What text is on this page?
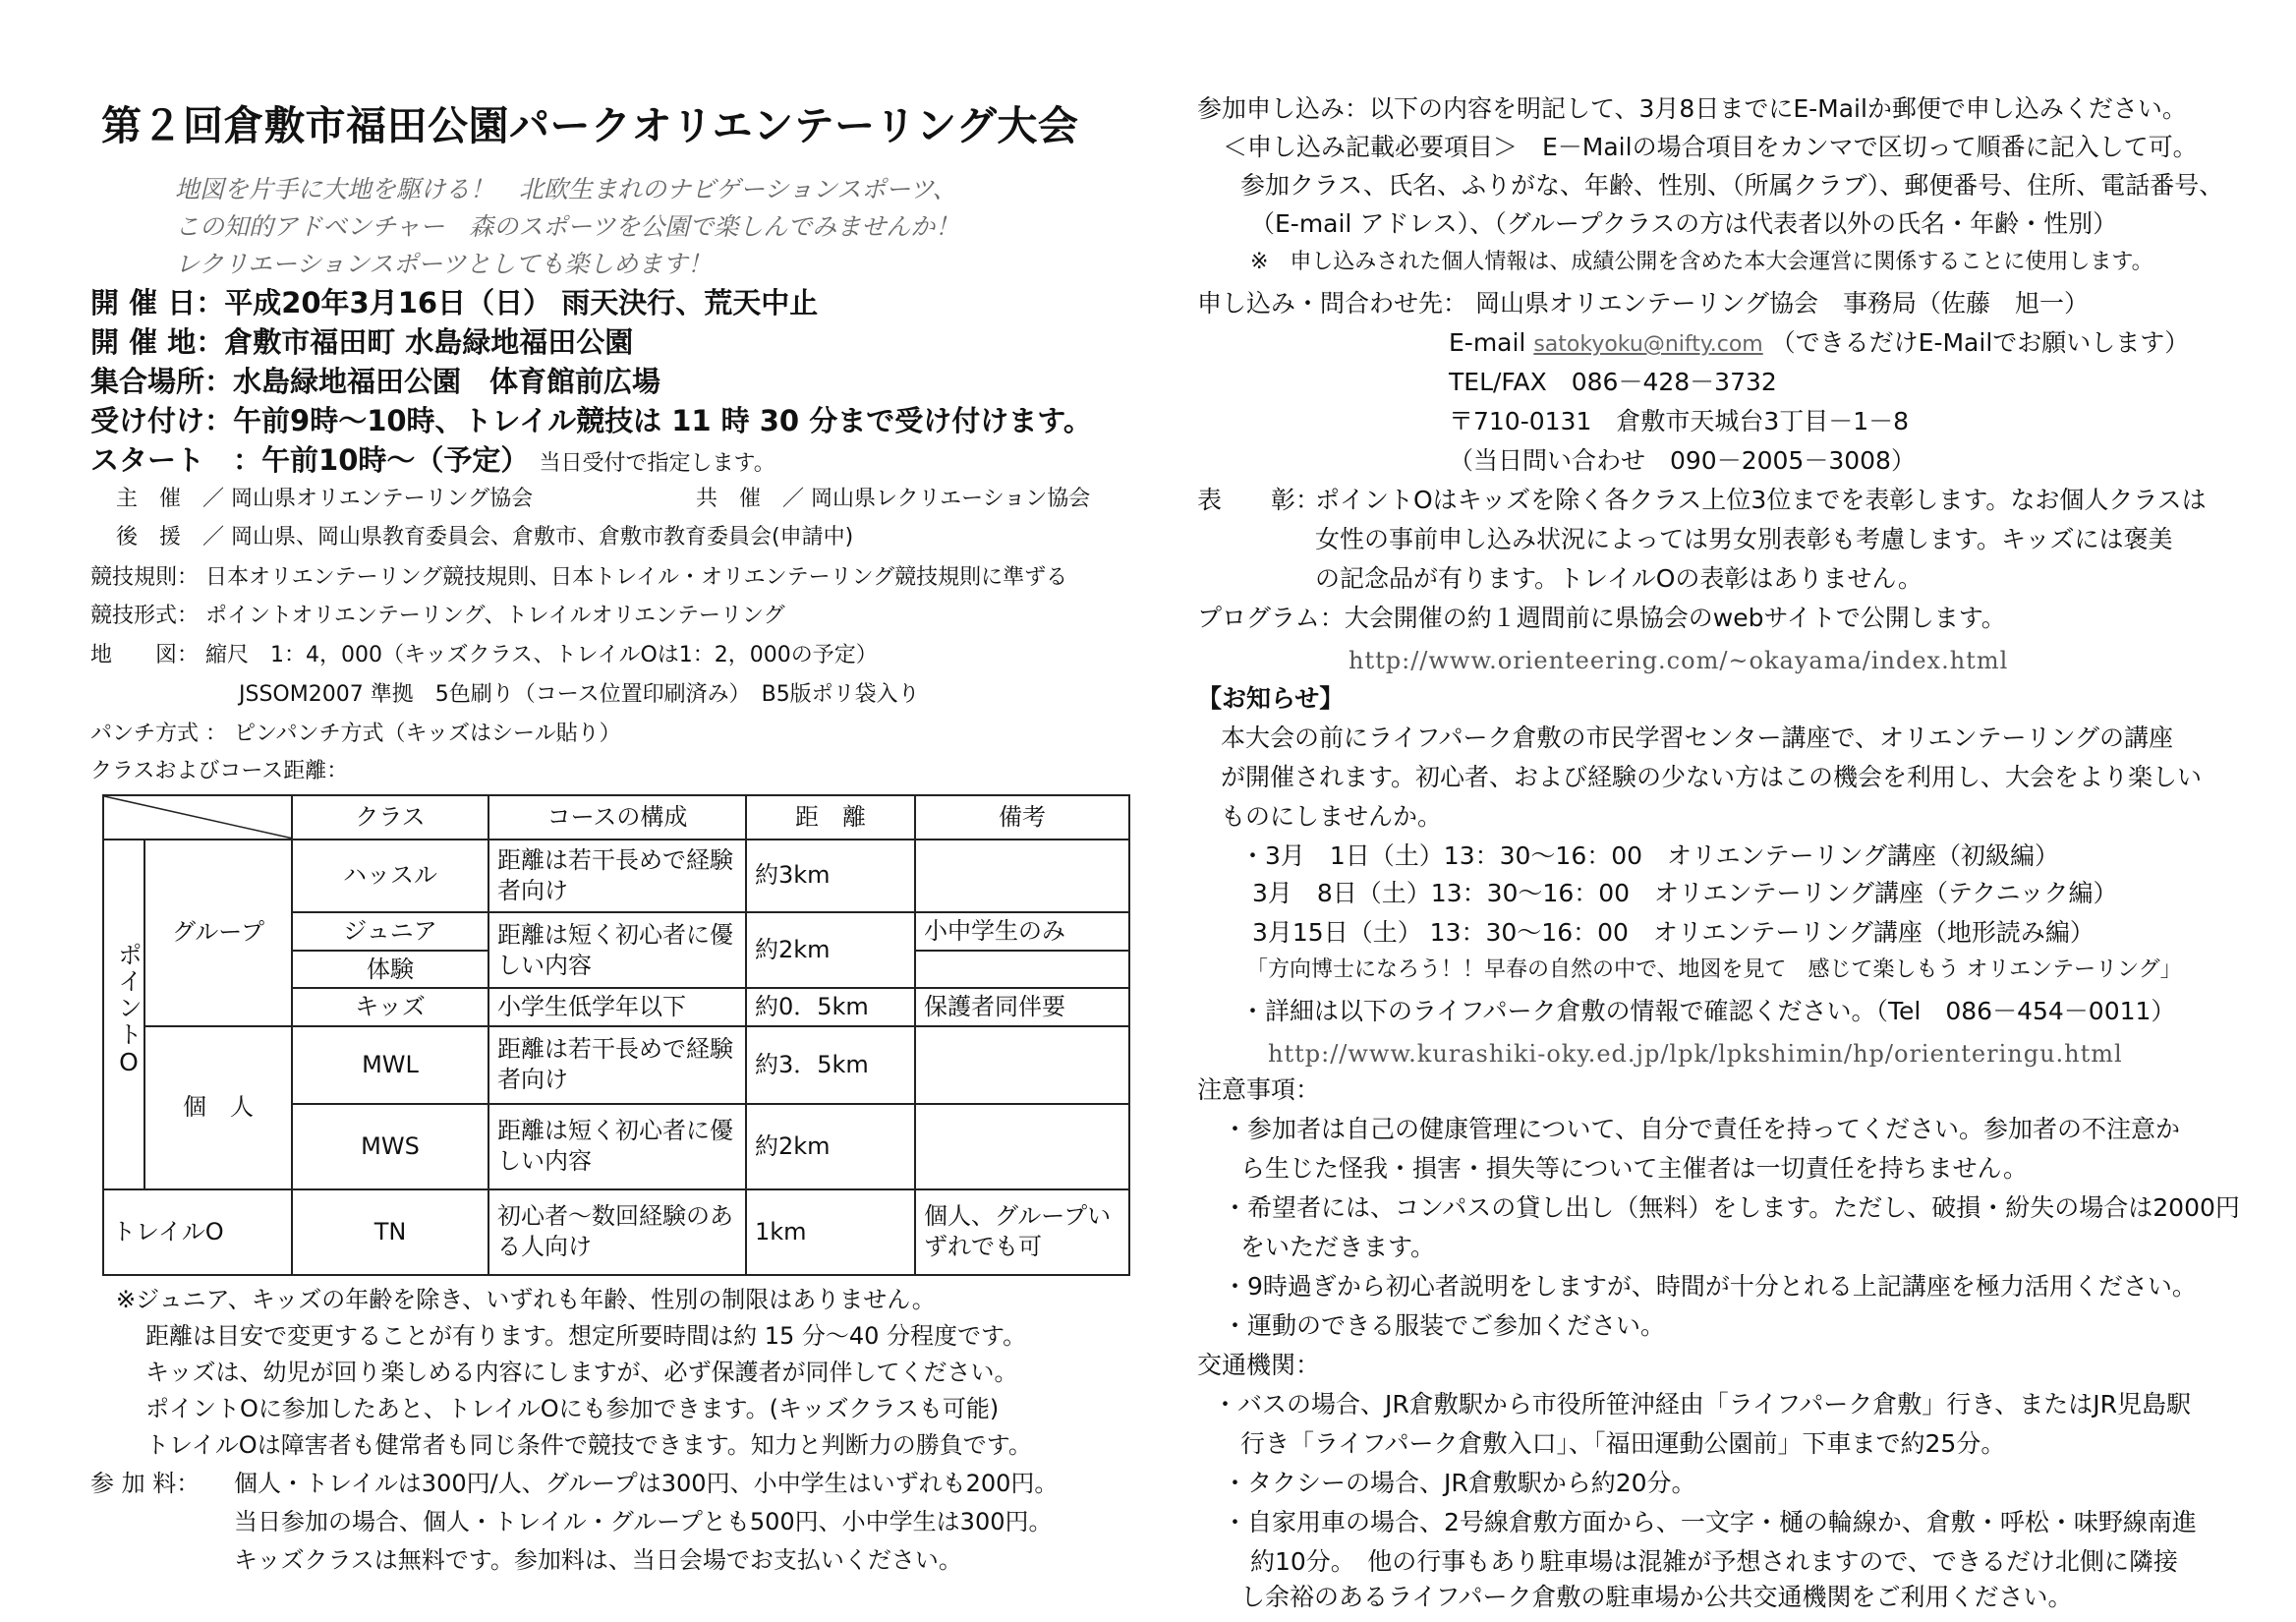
第２回倉敷市福田公園パークオリエンテーリング大会
地図を片手に大地を駆ける！　北欧生まれのナビゲーションスポーツ、
この知的アドベンチャー　森のスポーツを公園で楽しんでみませんか！
レクリエーションスポーツとしても楽しめます！
開 催 日：平成20年3月16日（日） 雨天決行、荒天中止
開 催 地：倉敷市福田町 水島緑地福田公園
集合場所：水島緑地福田公園　体育館前広場
受け付け：午前9時～10時、トレイル競技は 11 時 30 分まで受け付けます。
スタート　：午前10時～（予定） 当日受付で指定します。
主　催　／ 岡山県オリエンテーリング協会	共　催　／ 岡山県レクリエーション協会
後　援　／ 岡山県、岡山県教育委員会、倉敷市、倉敷市教育委員会(申請中)
競技規則： 日本オリエンテーリング競技規則、日本トレイル・オリエンテーリング競技規則に準ずる
競技形式： ポイントオリエンテーリング、トレイルオリエンテーリング
地　　図： 縮尺　1：4，000（キッズクラス、トレイルOは1：2，000の予定）
JSSOM2007 準拠　5色刷り（コース位置印刷済み）　B5版ポリ袋入り
パンチ方式 ： ピンパンチ方式（キッズはシール貼り）
クラスおよびコース距離：
	クラス	コースの構成	距　離	備考
ポイントO	グループ	ハッスル	距離は若干長めで経験者向け	約3km	
		ジュニア	距離は短く初心者に優しい内容	約2km	小中学生のみ
		体験			
		キッズ	小学生低学年以下	約0．5km	保護者同伴要
	個　人	MWL	距離は若干長めで経験者向け	約3．5km	
		MWS	距離は短く初心者に優しい内容	約2km	
トレイルO		TN	初心者～数回経験のある人向け	1km	個人、グループいずれでも可
※ジュニア、キッズの年齢を除き、いずれも年齢、性別の制限はありません。
距離は目安で変更することが有ります。想定所要時間は約 15 分～40 分程度です。
キッズは、幼児が回り楽しめる内容にしますが、必ず保護者が同伴してください。
ポイントOに参加したあと、トレイルOにも参加できます。(キッズクラスも可能)
トレイルOは障害者も健常者も同じ条件で競技できます。知力と判断力の勝負です。
参 加 料： 個人・トレイルは300円/人、グループは300円、小中学生はいずれも200円。
当日参加の場合、個人・トレイル・グループとも500円、小中学生は300円。
キッズクラスは無料です。参加料は、当日会場でお支払いください。
参加申し込み：以下の内容を明記して、3月8日までにE-Mailか郵便で申し込みください。
＜申し込み記載必要項目＞　E－Mailの場合項目をカンマで区切って順番に記入して可。
参加クラス、氏名、ふりがな、年齢、性別、（所属クラブ）、郵便番号、住所、電話番号、
（E-mail アドレス）、（グループクラスの方は代表者以外の氏名・年齢・性別）
※　申し込みされた個人情報は、成績公開を含めた本大会運営に関係することに使用します。
申し込み・問合わせ先： 岡山県オリエンテーリング協会　事務局（佐藤　旭一）
E-mail satokyoku@nifty.com （できるだけE-Mailでお願いします）
TEL/FAX　086－428－3732
〒710-0131　倉敷市天城台3丁目－1－8
（当日問い合わせ　090－2005－3008）
表　　彰：
ポイントOはキッズを除く各クラス上位3位までを表彰します。なお個人クラスは
女性の事前申し込み状況によっては男女別表彰も考慮します。キッズには褒美
の記念品が有ります。トレイルOの表彰はありません。
プログラム：大会開催の約１週間前に県協会のwebサイトで公開します。
http://www.orienteering.com/~okayama/index.html
【お知らせ】
本大会の前にライフパーク倉敷の市民学習センター講座で、オリエンテーリングの講座
が開催されます。初心者、および経験の少ない方はこの機会を利用し、大会をより楽しい
ものにしませんか。
・3月　1日（土）13：30～16：00　オリエンテーリング講座（初級編）
3月　8日（土）13：30～16：00　オリエンテーリング講座（テクニック編）
3月15日（土） 13：30～16：00　オリエンテーリング講座（地形読み編）
「方向博士になろう！！早春の自然の中で、地図を見て　感じて楽しもう オリエンテーリング」
・詳細は以下のライフパーク倉敷の情報で確認ください。（Tel　086－454－0011）
http://www.kurashiki-oky.ed.jp/lpk/lpkshimin/hp/orienteringu.html
注意事項：
・参加者は自己の健康管理について、自分で責任を持ってください。参加者の不注意か
ら生じた怪我・損害・損失等について主催者は一切責任を持ちません。
・希望者には、コンパスの貸し出し（無料）をします。ただし、破損・紛失の場合は2000円
をいただきます。
・9時過ぎから初心者説明をしますが、時間が十分とれる上記講座を極力活用ください。
・運動のできる服装でご参加ください。
交通機関：
・バスの場合、JR倉敷駅から市役所笹沖経由「ライフパーク倉敷」行き、またはJR児島駅
行き「ライフパーク倉敷入口」、「福田運動公園前」下車まで約25分。
・タクシーの場合、JR倉敷駅から約20分。
・自家用車の場合、2号線倉敷方面から、一文字・樋の輪線か、倉敷・呼松・味野線南進
約10分。　他の行事もあり駐車場は混雑が予想されますので、できるだけ北側に隣接
し余裕のあるライフパーク倉敷の駐車場か公共交通機関をご利用ください。
